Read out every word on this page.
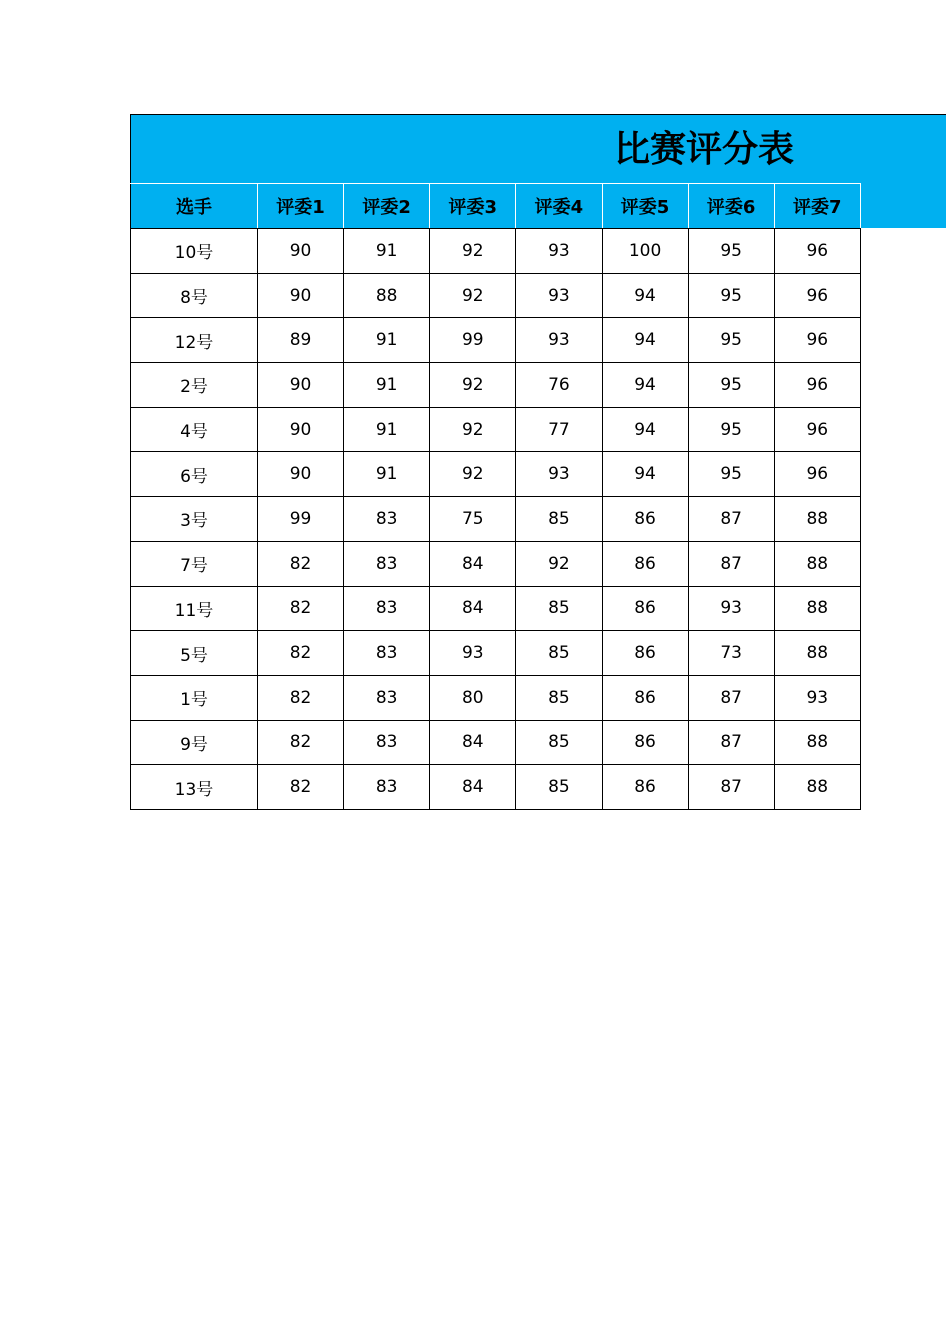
比赛评分表
选手	评委1	评委2	评委3	评委4	评委5	评委6	评委7
10号	90	91	92	93	100	95	96
8号	90	88	92	93	94	95	96
12号	89	91	99	93	94	95	96
2号	90	91	92	76	94	95	96
4号	90	91	92	77	94	95	96
6号	90	91	92	93	94	95	96
3号	99	83	75	85	86	87	88
7号	82	83	84	92	86	87	88
11号	82	83	84	85	86	93	88
5号	82	83	93	85	86	73	88
1号	82	83	80	85	86	87	93
9号	82	83	84	85	86	87	88
13号	82	83	84	85	86	87	88
